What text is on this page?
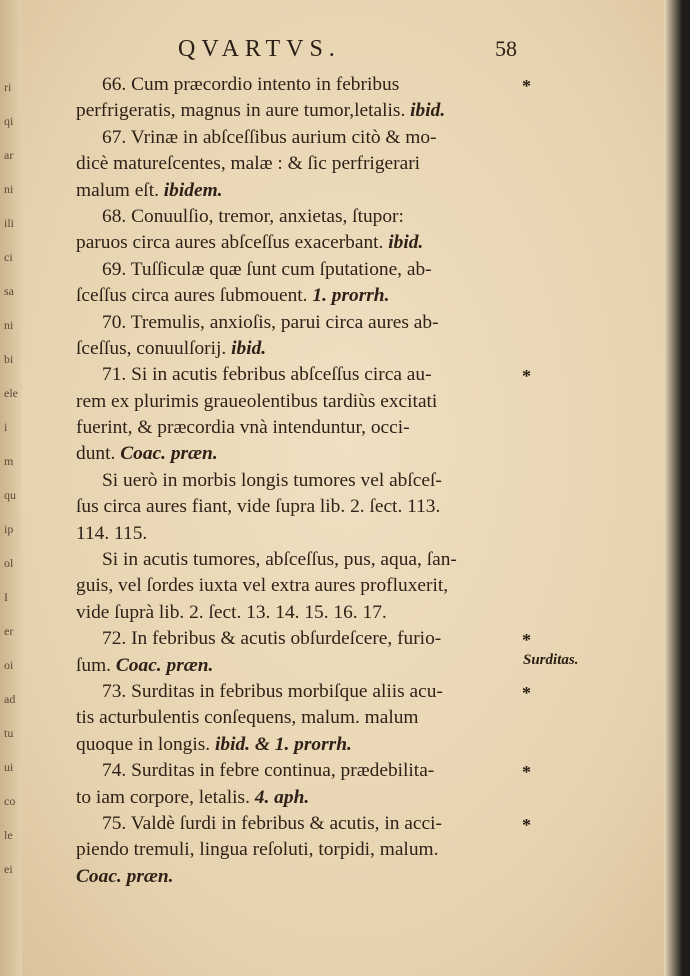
ri
qi
ar
ni
ili
ci
sa
ni
bi
ele
i
m
qu
ip
ol
I
er
oi
ad
tu
ui
co
le
ei
QVARTVS.	58
66. Cum præcordio intento in febribus
perfrigeratis, magnus in aure tumor,letalis. ibid.
67. Vrinæ in abſceſſibus aurium citò & mo-
dicè matureſcentes, malæ : & ſic perfrigerari
malum eſt. ibidem.
68. Conuulſio, tremor, anxietas, ſtupor:
paruos circa aures abſceſſus exacerbant. ibid.
69. Tuſſiculæ quæ ſunt cum ſputatione, ab-
ſceſſus circa aures ſubmouent. 1. prorrh.
70. Tremulis, anxioſis, parui circa aures ab-
ſceſſus, conuulſorij. ibid.
71. Si in acutis febribus abſceſſus circa au-
rem ex plurimis graueolentibus tardiùs excitati
fuerint, & præcordia vnà intenduntur, occi-
dunt. Coac. præn.
Si uerò in morbis longis tumores vel abſceſ-
ſus circa aures fiant, vide ſupra lib. 2. ſect. 113.
114. 115.
Si in acutis tumores, abſceſſus, pus, aqua, ſan-
guis, vel ſordes iuxta vel extra aures profluxerit,
vide ſuprà lib. 2. ſect. 13. 14. 15. 16. 17.
72. In febribus & acutis obſurdeſcere, furio-
ſum. Coac. præn.
73. Surditas in febribus morbiſque aliis acu-
tis acturbulentis conſequens, malum. malum
quoque in longis. ibid. & 1. prorrh.
74. Surditas in febre continua, prædebilita-
to iam corpore, letalis. 4. aph.
75. Valdè ſurdi in febribus & acutis, in acci-
piendo tremuli, lingua reſoluti, torpidi, malum.
Coac. præn.
*
*
*
*
*
*
Surditas.
